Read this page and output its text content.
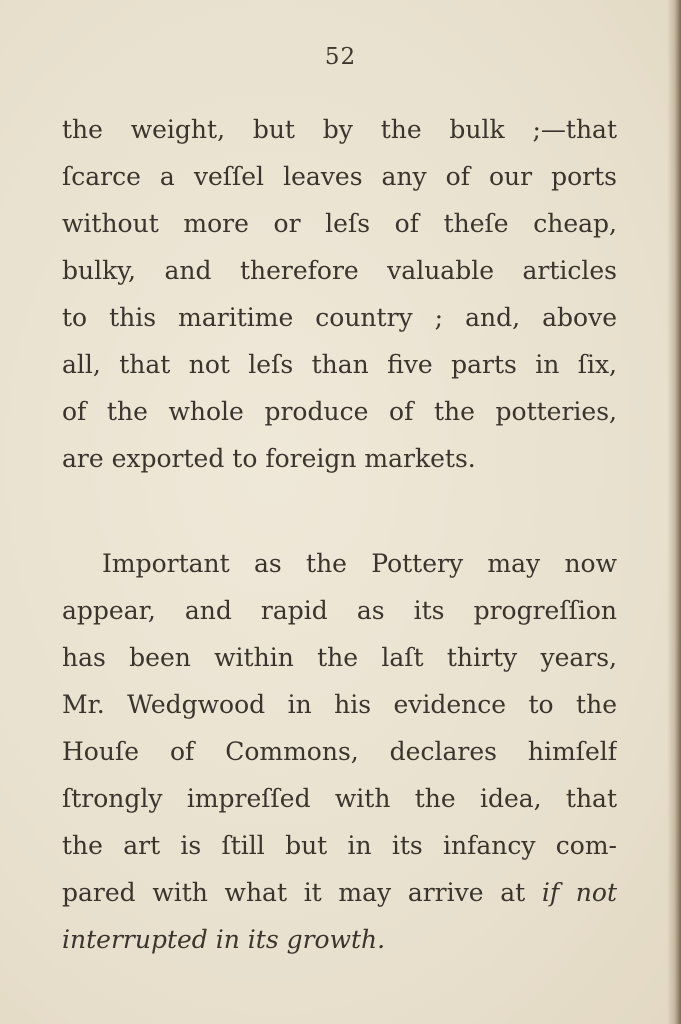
52
the weight, but by the bulk ;—that
ſcarce a veſſel leaves any of our ports
without more or leſs of theſe cheap,
bulky, and therefore valuable articles
to this maritime country ; and, above
all, that not leſs than five parts in ſix,
of the whole produce of the potteries,
are exported to foreign markets.
Important as the Pottery may now
appear, and rapid as its progreſſion
has been within the laſt thirty years,
Mr. Wedgwood in his evidence to the
Houſe of Commons, declares himſelf
ſtrongly impreſſed with the idea, that
the art is ſtill but in its infancy com-
pared with what it may arrive at if not
interrupted in its growth.
